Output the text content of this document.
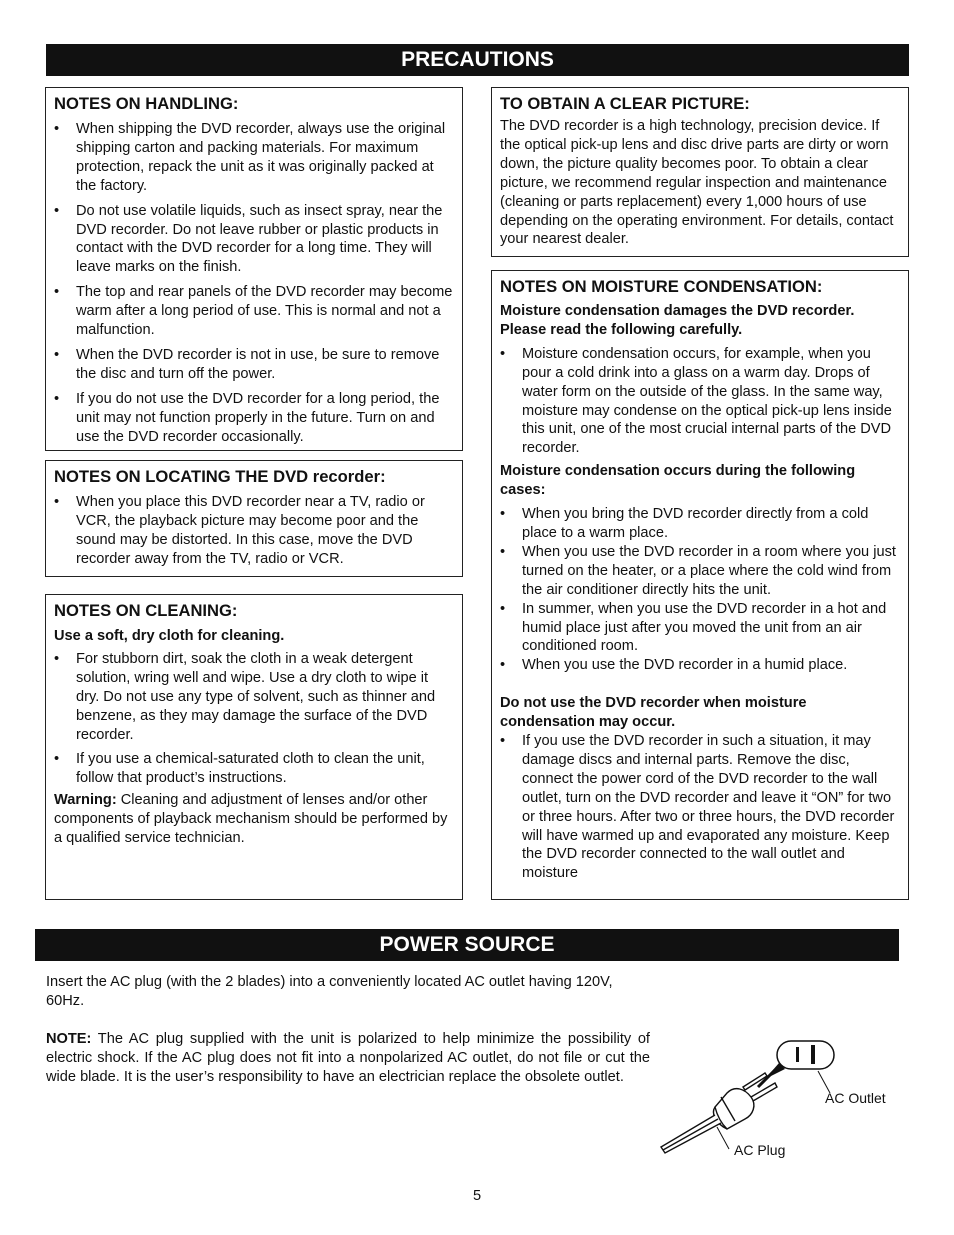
PRECAUTIONS
NOTES ON HANDLING:
• When shipping the DVD recorder, always use the original shipping carton and packing materials. For maximum protection, repack the unit as it was originally packed at the factory.
• Do not use volatile liquids, such as insect spray, near the DVD recorder. Do not leave rubber or plastic products in contact with the DVD recorder for a long time. They will leave marks on the finish.
• The top and rear panels of the DVD recorder may become warm after a long period of use. This is normal and not a malfunction.
• When the DVD recorder is not in use, be sure to remove the disc and turn off the power.
• If you do not use the DVD recorder for a long period, the unit may not function properly in the future. Turn on and use the DVD recorder occasionally.
NOTES ON LOCATING THE DVD recorder:
• When you place this DVD recorder near a TV, radio or VCR, the playback picture may become poor and the sound may be distorted. In this case, move the DVD recorder away from the TV, radio or VCR.
NOTES ON CLEANING:

Use a soft, dry cloth for cleaning.

• For stubborn dirt, soak the cloth in a weak detergent solution, wring well and wipe. Use a dry cloth to wipe it dry. Do not use any type of solvent, such as thinner and benzene, as they may damage the surface of the DVD recorder.
• If you use a chemical-saturated cloth to clean the unit, follow that product’s instructions.

Warning: Cleaning and adjustment of lenses and/or other components of playback mechanism should be performed by a qualified service technician.

TO OBTAIN A CLEAR PICTURE:

The DVD recorder is a high technology, precision device. If the optical pick-up lens and disc drive parts are dirty or worn down, the picture quality becomes poor. To obtain a clear picture, we recommend regular inspection and maintenance (cleaning or parts replacement) every 1,000 hours of use depending on the operating environment. For details, contact your nearest dealer.

NOTES ON MOISTURE CONDENSATION:

Moisture condensation damages the DVD recorder. Please read the following carefully.

• Moisture condensation occurs, for example, when you pour a cold drink into a glass on a warm day. Drops of water form on the outside of the glass. In the same way, moisture may condense on the optical pick-up lens inside this unit, one of the most crucial internal parts of the DVD recorder.

Moisture condensation occurs during the following cases:

• When you bring the DVD recorder directly from a cold place to a warm place.
• When you use the DVD recorder in a room where you just turned on the heater, or a place where the cold wind from the air conditioner directly hits the unit.
• In summer, when you use the DVD recorder in a hot and humid place just after you moved the unit from an air conditioned room.
• When you use the DVD recorder in a humid place.

Do not use the DVD recorder when moisture condensation may occur.

• If you use the DVD recorder in such a situation, it may damage discs and internal parts. Remove the disc, connect the power cord of the DVD recorder to the wall outlet, turn on the DVD recorder and leave it “ON” for two or three hours. After two or three hours, the DVD recorder will have warmed up and evaporated any moisture. Keep the DVD recorder connected to the wall outlet and moisture
POWER SOURCE

Insert the AC plug (with the 2 blades) into a conveniently located AC outlet having 120V, 60Hz.

NOTE: The AC plug supplied with the unit is polarized to help minimize the possibility of electric shock. If the AC plug does not fit into a nonpolarized AC outlet, do not file or cut the wide blade. It is the user’s responsibility to have an electrician replace the obsolete outlet.

AC Outlet
AC Plug
5
